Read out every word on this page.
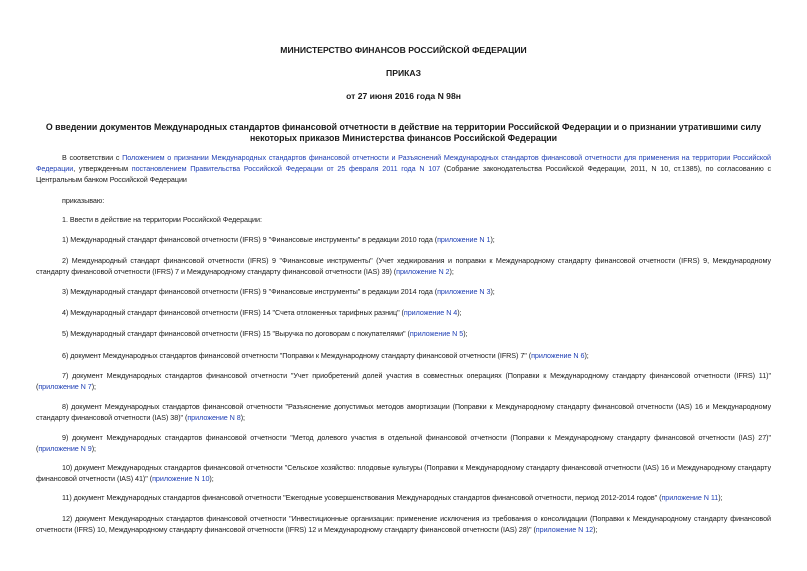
МИНИСТЕРСТВО ФИНАНСОВ РОССИЙСКОЙ ФЕДЕРАЦИИ
ПРИКАЗ
от 27 июня 2016 года N 98н
О введении документов Международных стандартов финансовой отчетности в действие на территории Российской Федерации и о признании утратившими силу некоторых приказов Министерства финансов Российской Федерации
В соответствии с Положением о признании Международных стандартов финансовой отчетности и Разъяснений Международных стандартов финансовой отчетности для применения на территории Российской Федерации, утвержденным постановлением Правительства Российской Федерации от 25 февраля 2011 года N 107 (Собрание законодательства Российской Федерации, 2011, N 10, ст.1385), по согласованию с Центральным банком Российской Федерации
приказываю:
1. Ввести в действие на территории Российской Федерации:
1) Международный стандарт финансовой отчетности (IFRS) 9 "Финансовые инструменты" в редакции 2010 года (приложение N 1);
2) Международный стандарт финансовой отчетности (IFRS) 9 "Финансовые инструменты" (Учет хеджирования и поправки к Международному стандарту финансовой отчетности (IFRS) 9, Международному стандарту финансовой отчетности (IFRS) 7 и Международному стандарту финансовой отчетности (IAS) 39) (приложение N 2);
3) Международный стандарт финансовой отчетности (IFRS) 9 "Финансовые инструменты" в редакции 2014 года (приложение N 3);
4) Международный стандарт финансовой отчетности (IFRS) 14 "Счета отложенных тарифных разниц" (приложение N 4);
5) Международный стандарт финансовой отчетности (IFRS) 15 "Выручка по договорам с покупателями" (приложение N 5);
6) документ Международных стандартов финансовой отчетности "Поправки к Международному стандарту финансовой отчетности (IFRS) 7" (приложение N 6);
7) документ Международных стандартов финансовой отчетности "Учет приобретений долей участия в совместных операциях (Поправки к Международному стандарту финансовой отчетности (IFRS) 11)" (приложение N 7);
8) документ Международных стандартов финансовой отчетности "Разъяснение допустимых методов амортизации (Поправки к Международному стандарту финансовой отчетности (IAS) 16 и Международному стандарту финансовой отчетности (IAS) 38)" (приложение N 8);
9) документ Международных стандартов финансовой отчетности "Метод долевого участия в отдельной финансовой отчетности (Поправки к Международному стандарту финансовой отчетности (IAS) 27)" (приложение N 9);
10) документ Международных стандартов финансовой отчетности "Сельское хозяйство: плодовые культуры (Поправки к Международному стандарту финансовой отчетности (IAS) 16 и Международному стандарту финансовой отчетности (IAS) 41)" (приложение N 10);
11) документ Международных стандартов финансовой отчетности "Ежегодные усовершенствования Международных стандартов финансовой отчетности, период 2012-2014 годов" (приложение N 11);
12) документ Международных стандартов финансовой отчетности "Инвестиционные организации: применение исключения из требования о консолидации (Поправки к Международному стандарту финансовой отчетности (IFRS) 10, Международному стандарту финансовой отчетности (IFRS) 12 и Международному стандарту финансовой отчетности (IAS) 28)" (приложение N 12);
